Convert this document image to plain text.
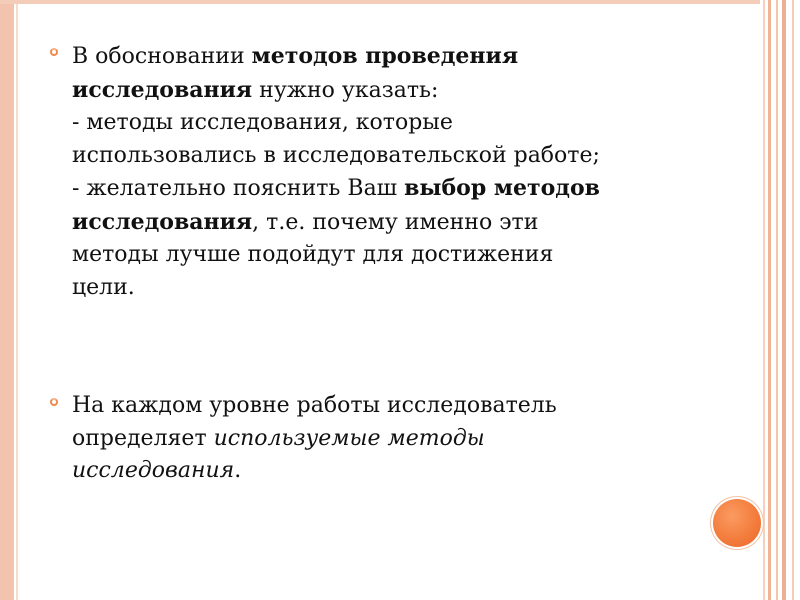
В обосновании методов проведения
исследования нужно указать:
- методы исследования, которые
использовались в исследовательской работе;
- желательно пояснить Ваш выбор методов
исследования, т.е. почему именно эти
методы лучше подойдут для достижения
цели.

На каждом уровне работы исследователь
определяет используемые методы
исследования.
